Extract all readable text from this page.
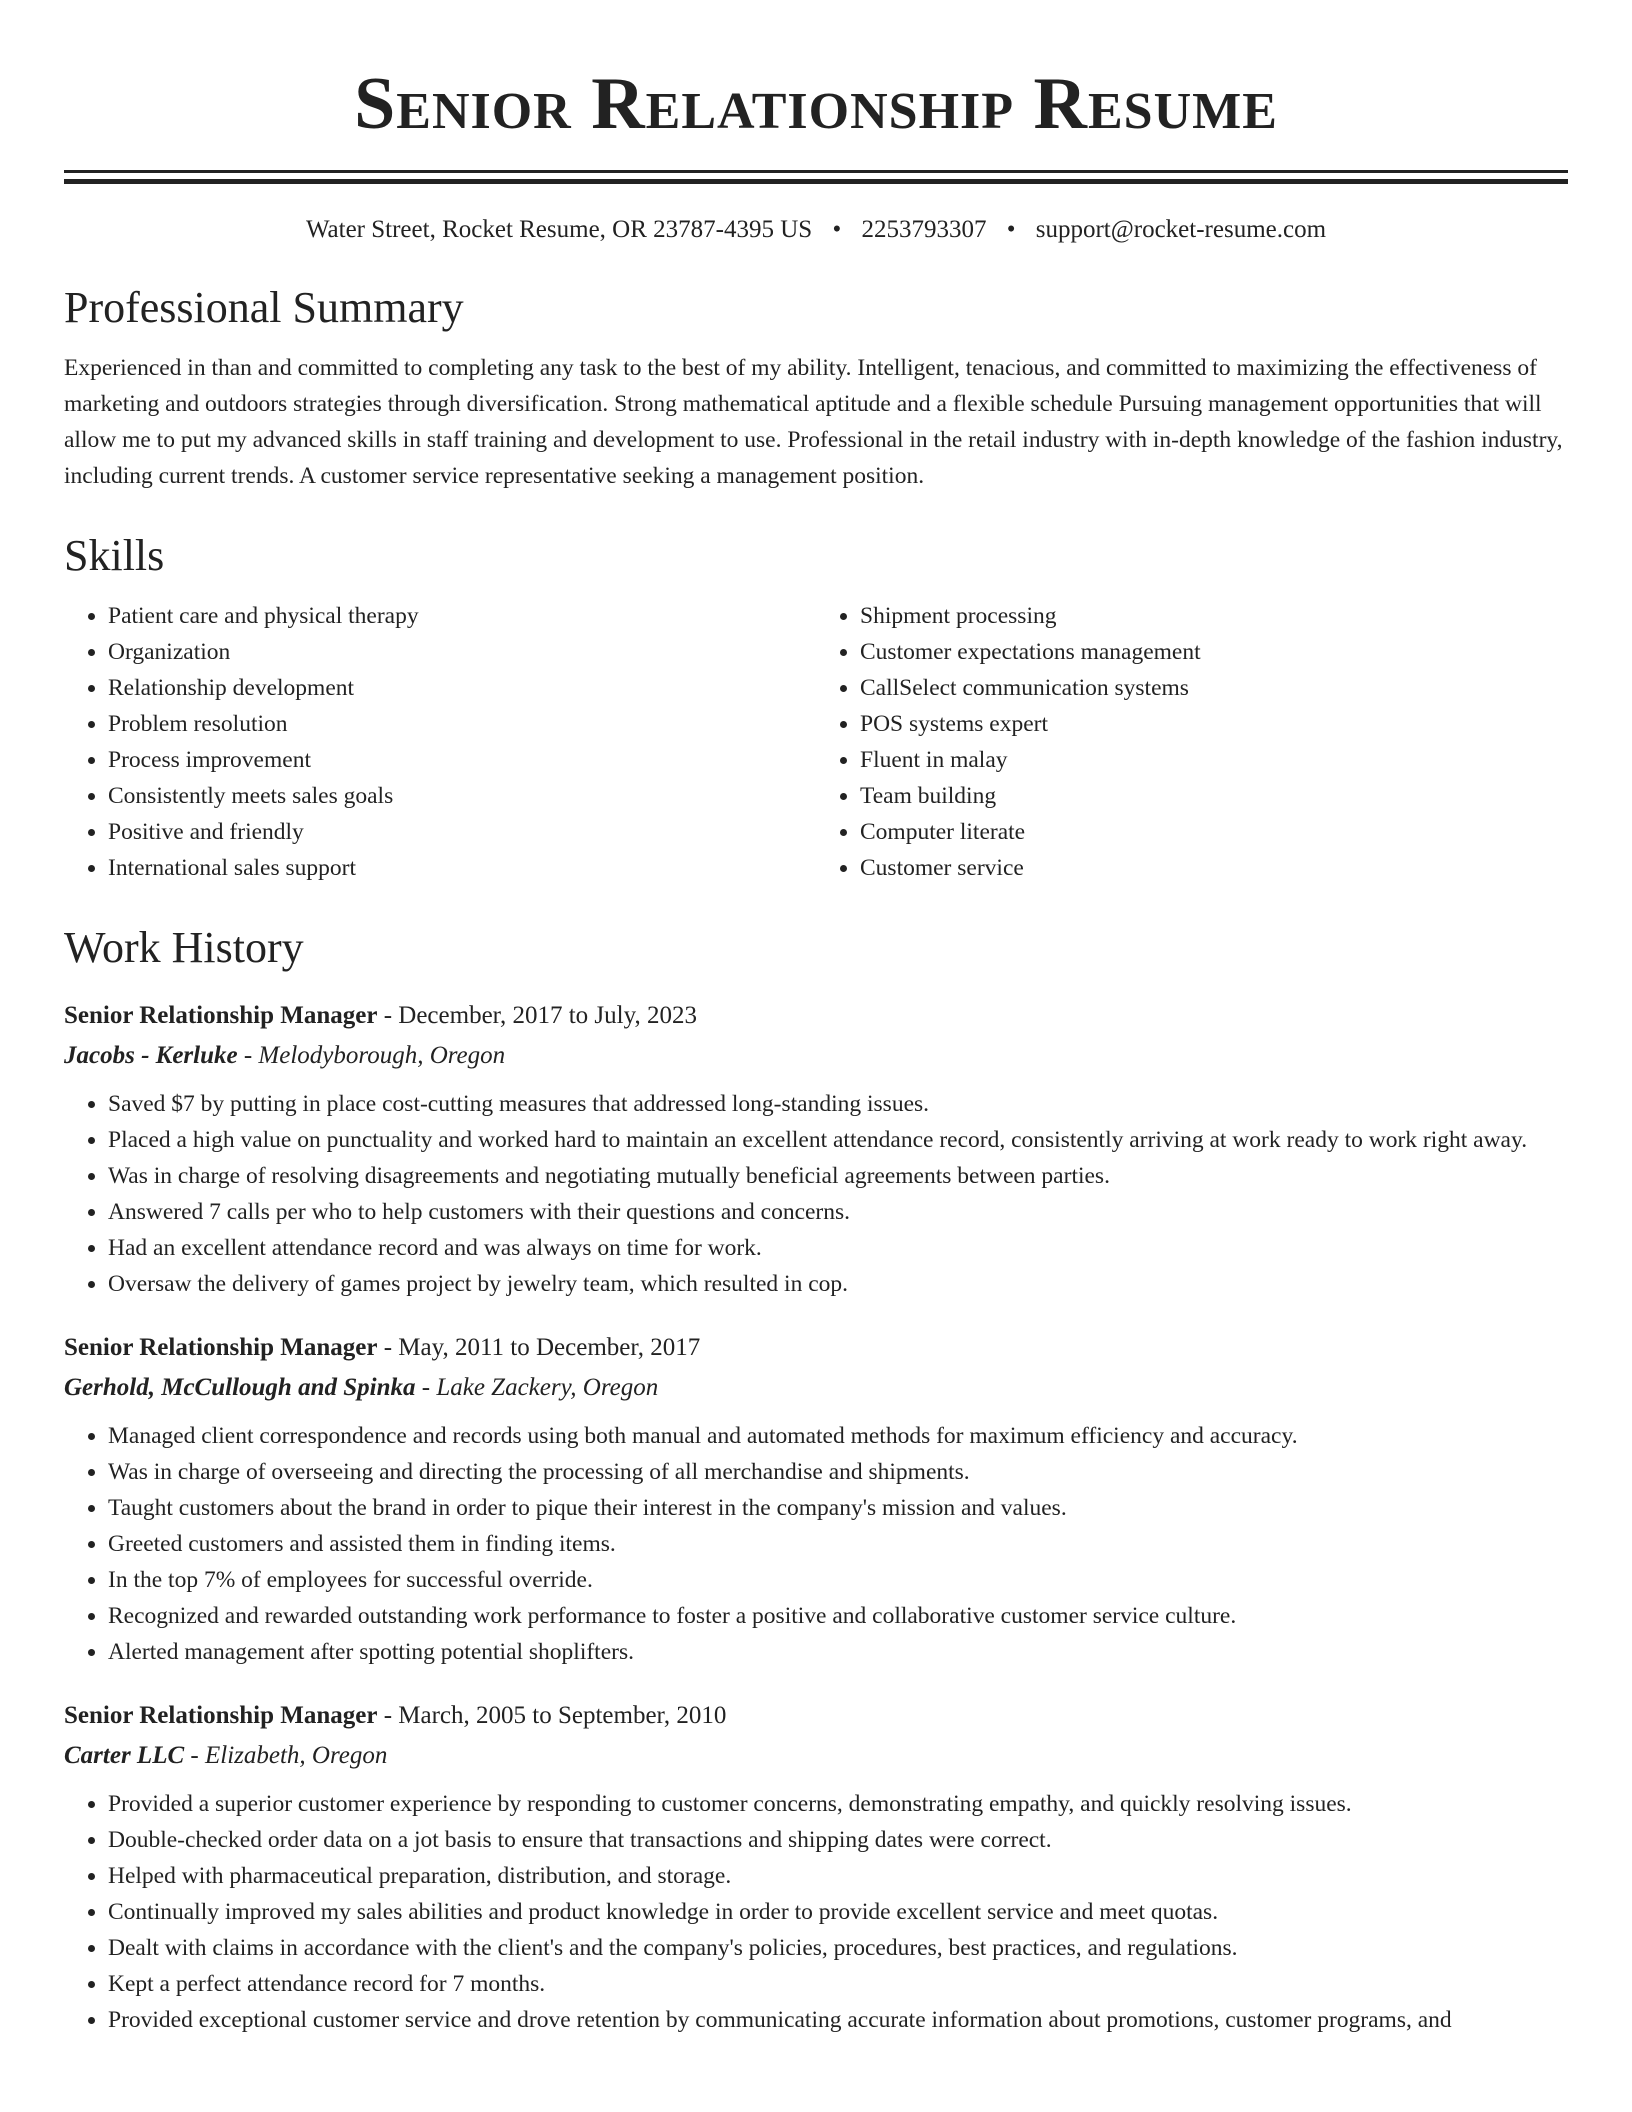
Senior Relationship Resume
Water Street, Rocket Resume, OR 23787-4395 US • 2253793307 • support@rocket-resume.com
Professional Summary

Experienced in than and committed to completing any task to the best of my ability. Intelligent, tenacious, and committed to maximizing the effectiveness of marketing and outdoors strategies through diversification. Strong mathematical aptitude and a flexible schedule Pursuing management opportunities that will allow me to put my advanced skills in staff training and development to use. Professional in the retail industry with in-depth knowledge of the fashion industry, including current trends. A customer service representative seeking a management position.

Skills
• Patient care and physical therapy
• Organization
• Relationship development
• Problem resolution
• Process improvement
• Consistently meets sales goals
• Positive and friendly
• International sales support
• Shipment processing
• Customer expectations management
• CallSelect communication systems
• POS systems expert
• Fluent in malay
• Team building
• Computer literate
• Customer service
Work History
Senior Relationship Manager - December, 2017 to July, 2023
Jacobs - Kerluke - Melodyborough, Oregon
• Saved $7 by putting in place cost-cutting measures that addressed long-standing issues.
• Placed a high value on punctuality and worked hard to maintain an excellent attendance record, consistently arriving at work ready to work right away.
• Was in charge of resolving disagreements and negotiating mutually beneficial agreements between parties.
• Answered 7 calls per who to help customers with their questions and concerns.
• Had an excellent attendance record and was always on time for work.
• Oversaw the delivery of games project by jewelry team, which resulted in cop.
Senior Relationship Manager - May, 2011 to December, 2017
Gerhold, McCullough and Spinka - Lake Zackery, Oregon
• Managed client correspondence and records using both manual and automated methods for maximum efficiency and accuracy.
• Was in charge of overseeing and directing the processing of all merchandise and shipments.
• Taught customers about the brand in order to pique their interest in the company's mission and values.
• Greeted customers and assisted them in finding items.
• In the top 7% of employees for successful override.
• Recognized and rewarded outstanding work performance to foster a positive and collaborative customer service culture.
• Alerted management after spotting potential shoplifters.
Senior Relationship Manager - March, 2005 to September, 2010
Carter LLC - Elizabeth, Oregon
• Provided a superior customer experience by responding to customer concerns, demonstrating empathy, and quickly resolving issues.
• Double-checked order data on a jot basis to ensure that transactions and shipping dates were correct.
• Helped with pharmaceutical preparation, distribution, and storage.
• Continually improved my sales abilities and product knowledge in order to provide excellent service and meet quotas.
• Dealt with claims in accordance with the client's and the company's policies, procedures, best practices, and regulations.
• Kept a perfect attendance record for 7 months.
• Provided exceptional customer service and drove retention by communicating accurate information about promotions, customer programs, and
